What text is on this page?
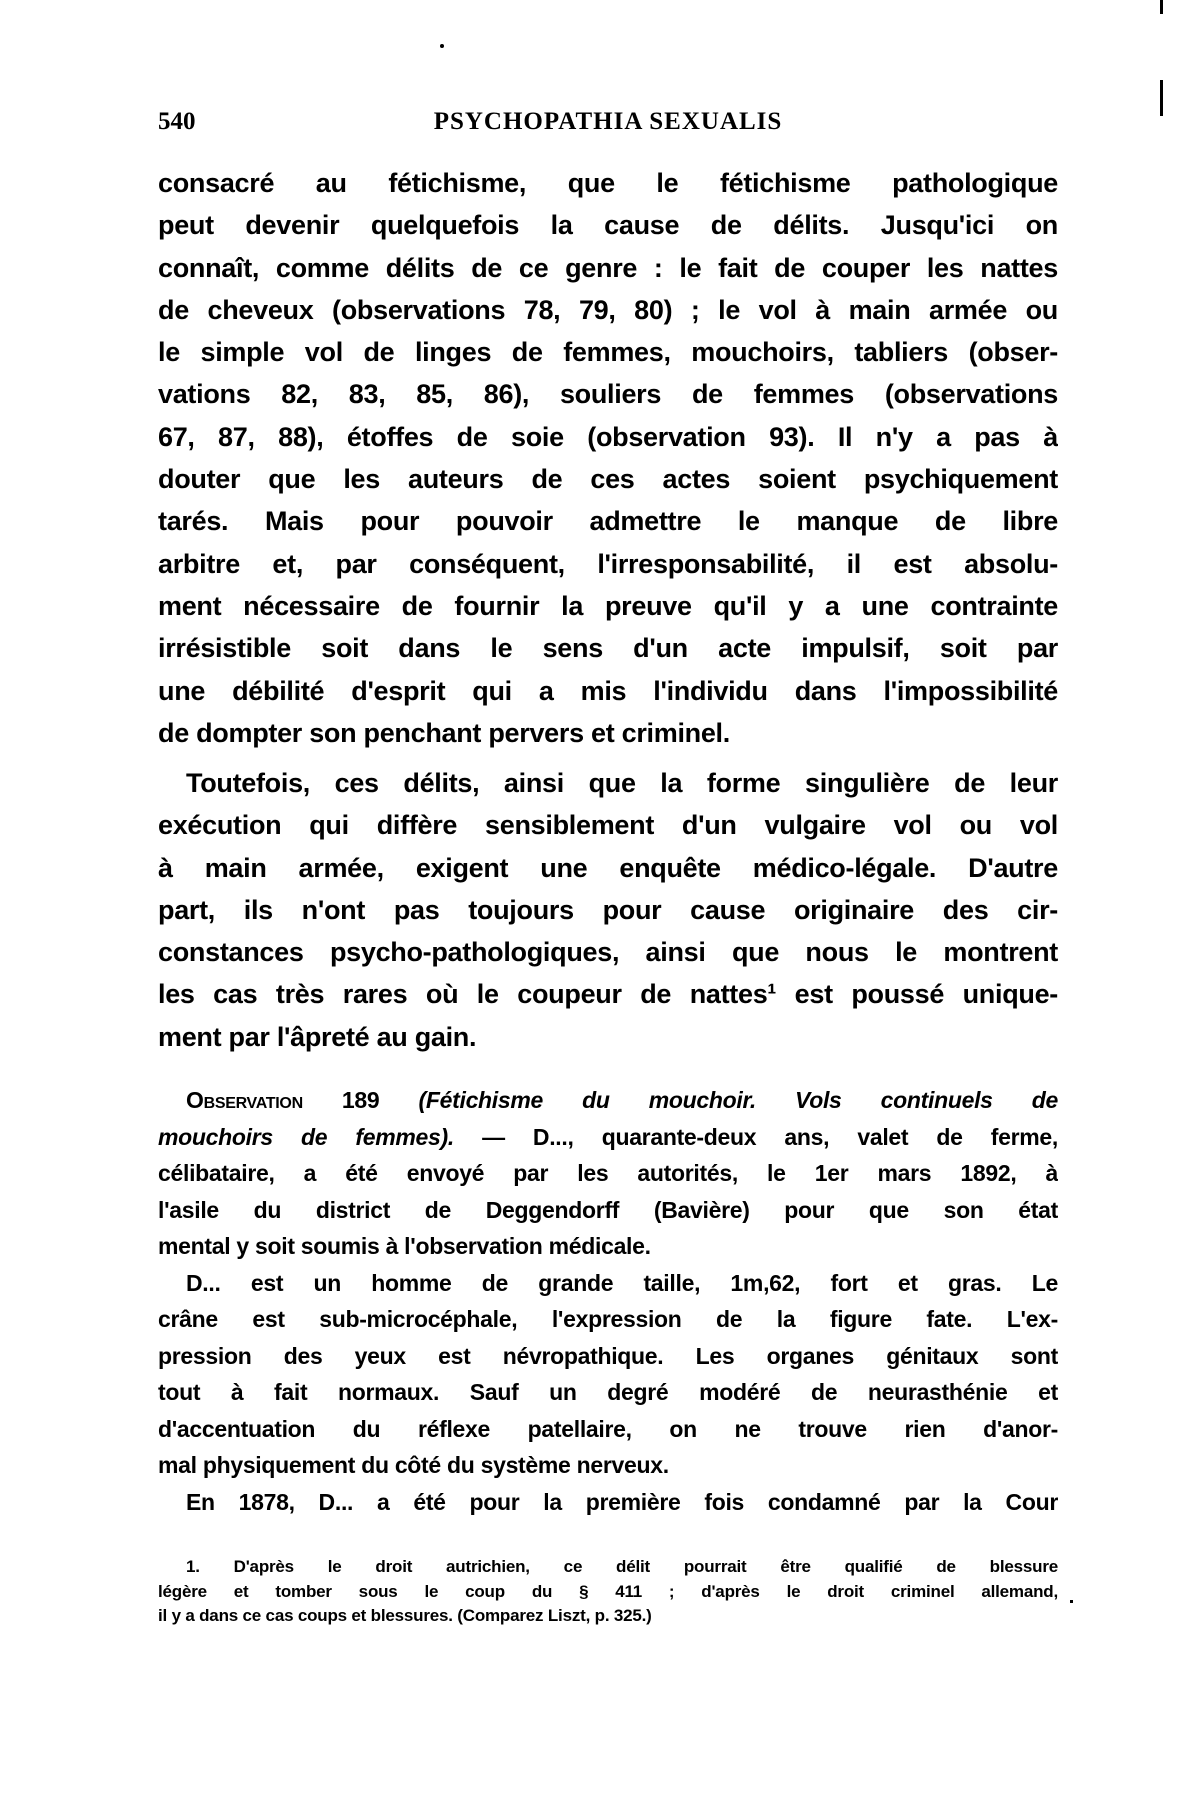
540	PSYCHOPATHIA SEXUALIS
consacré au fétichisme, que le fétichisme pathologique
peut devenir quelquefois la cause de délits. Jusqu'ici on
connaît, comme délits de ce genre : le fait de couper les nattes
de cheveux (observations 78, 79, 80) ; le vol à main armée ou
le simple vol de linges de femmes, mouchoirs, tabliers (obser-
vations 82, 83, 85, 86), souliers de femmes (observations
67, 87, 88), étoffes de soie (observation 93). Il n'y a pas à
douter que les auteurs de ces actes soient psychiquement
tarés. Mais pour pouvoir admettre le manque de libre
arbitre et, par conséquent, l'irresponsabilité, il est absolu-
ment nécessaire de fournir la preuve qu'il y a une contrainte
irrésistible soit dans le sens d'un acte impulsif, soit par
une débilité d'esprit qui a mis l'individu dans l'impossibilité
de dompter son penchant pervers et criminel.
Toutefois, ces délits, ainsi que la forme singulière de leur
exécution qui diffère sensiblement d'un vulgaire vol ou vol
à main armée, exigent une enquête médico-légale. D'autre
part, ils n'ont pas toujours pour cause originaire des cir-
constances psycho-pathologiques, ainsi que nous le montrent
les cas très rares où le coupeur de nattes¹ est poussé unique-
ment par l'âpreté au gain.
Observation 189 (Fétichisme du mouchoir. Vols continuels de
mouchoirs de femmes). — D..., quarante-deux ans, valet de ferme,
célibataire, a été envoyé par les autorités, le 1er mars 1892, à
l'asile du district de Deggendorff (Bavière) pour que son état
mental y soit soumis à l'observation médicale.
D... est un homme de grande taille, 1m,62, fort et gras. Le
crâne est sub-microcéphale, l'expression de la figure fate. L'ex-
pression des yeux est névropathique. Les organes génitaux sont
tout à fait normaux. Sauf un degré modéré de neurasthénie et
d'accentuation du réflexe patellaire, on ne trouve rien d'anor-
mal physiquement du côté du système nerveux.
En 1878, D... a été pour la première fois condamné par la Cour
1. D'après le droit autrichien, ce délit pourrait être qualifié de blessure
légère et tomber sous le coup du § 411 ; d'après le droit criminel allemand,
il y a dans ce cas coups et blessures. (Comparez Liszt, p. 325.)
